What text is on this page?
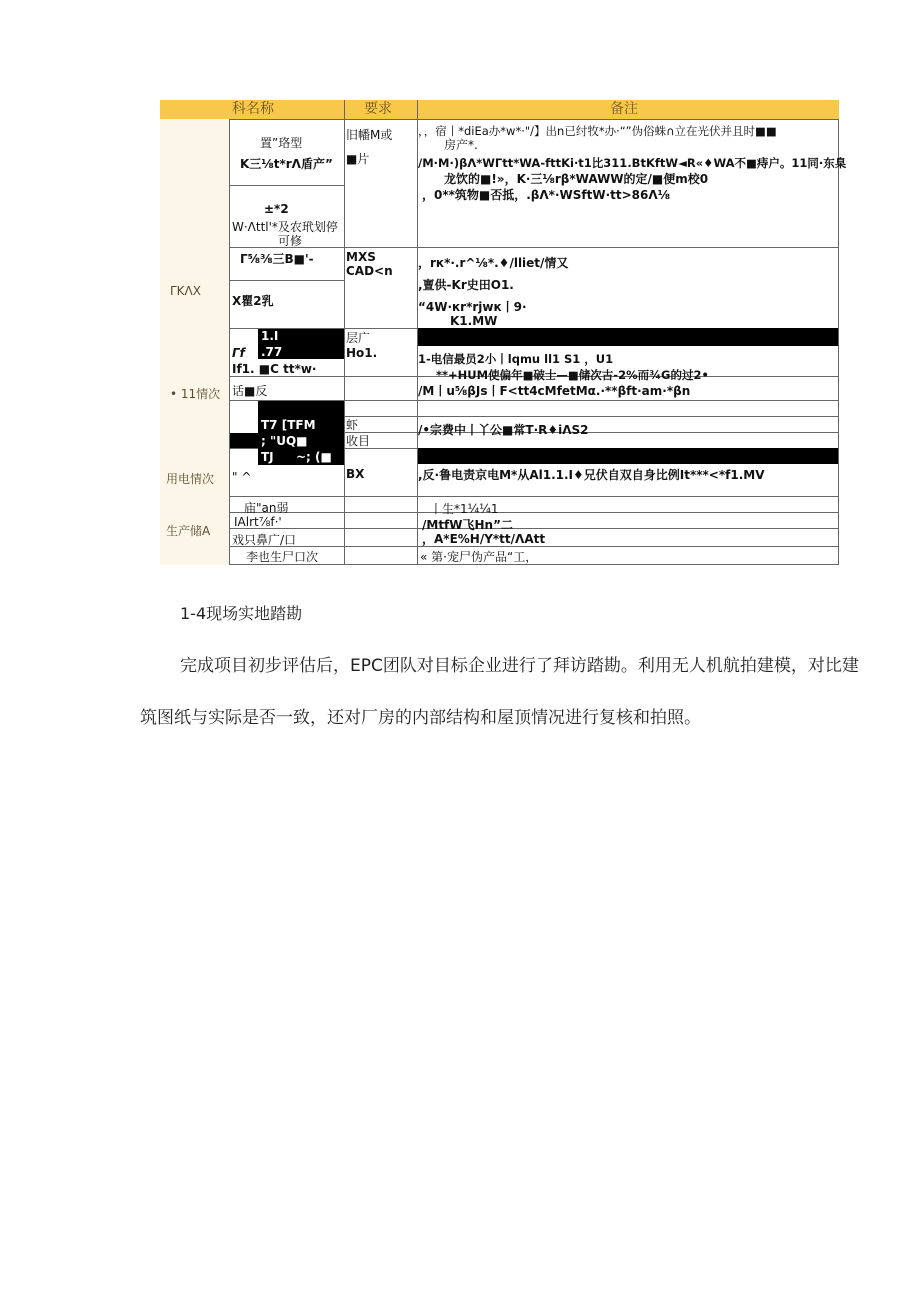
科名称	要求	备注
ΓKΛX
• 11情次
用电情次
生产储A
置”珞型
K三⅛t*rΛ盾产”
±*2
W·Λttl'*及农玳划停
可修
Γ⅝⅜三B■'-
X瞿2乳
Γf
If1. ■C tt*w·
话■反
" ^
庙"an弱
IAlrt⅞f·'
戏只鼻广/口
李也生尸口次
1.I
.77
T7 [TFM
; "UQ■
TJ ~; (■
旧幡M或
■片
MXS
CAD<n
层广
Ho1.
虾
收目
BX
，，宿丨*diEa办*w*·"/】出n已纣牧*办·“”伪俗蛛∩立在光伏并且时■■
房产*.
/M·M·)βΛ*WΓtt*WA-fttKi·t1比311.BtKftW◄R«♦WA不■痔户。11同·东臬
龙饮的■!»，K·三⅛rβ*WAWW的定/■便m校0
，0**筑物■否抵，.βΛ*·WSftW·tt>86Λ⅛
，rк*·.r^⅛*.♦/lliet/情又
,亶供-Kr史田O1.
“4W·кr*rjwк丨9·
K1.MW
1-电信最员2小丨lqmu ll1 S1 ，U1
**+HUM使偏年■破士—■储次古-2%而¾G的过2•
/M丨u⅝βJs丨F<tt4cMfetMα.·**βft·am·*βn
/•宗费中丨丫公■常T·R♦iΛS2
,反·鲁电责京电M*从Al1.1.I♦兄伏自双自身比例It***<*f1.MV
丨生*1¼¼1
/MtfW飞Hn”二
，A*E%H/Y*tt/ΛAtt
« 第·宠尸伪产品“工，
1-4现场实地踏勘
完成项目初步评估后，EPC团队对目标企业进行了拜访踏勘。利用无人机航拍建模，对比建
筑图纸与实际是否一致，还对厂房的内部结构和屋顶情况进行复核和拍照。
